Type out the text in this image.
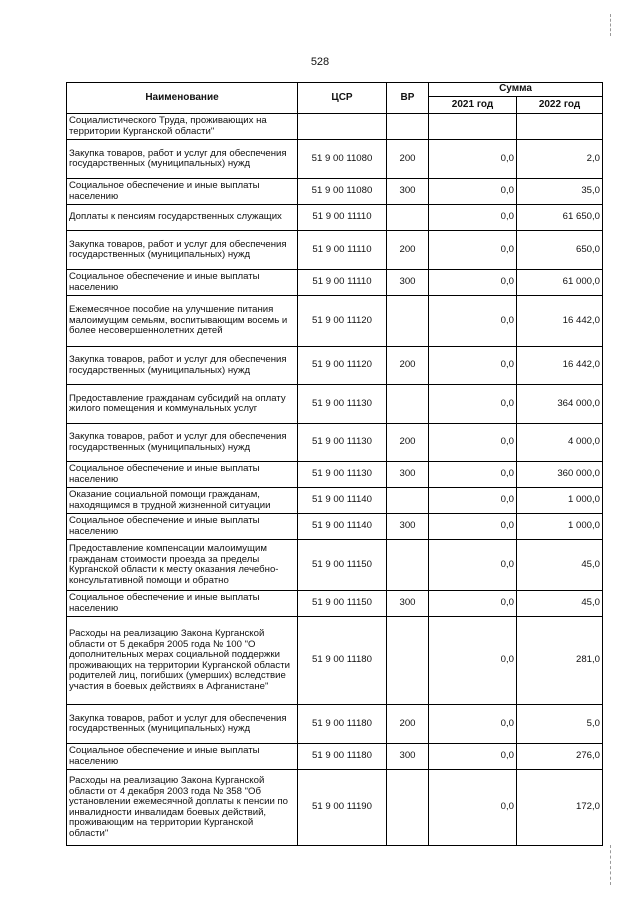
528
Наименование	ЦСР	ВР	Сумма	
			2021 год	2022 год
Социалистического Труда, проживающих на территории Курганской области"				
Закупка товаров, работ и услуг для обеспечения государственных (муниципальных) нужд	51 9 00 11080	200	0,0	2,0
Социальное обеспечение и иные выплаты населению	51 9 00 11080	300	0,0	35,0
Доплаты к пенсиям государственных служащих	51 9 00 11110		0,0	61 650,0
Закупка товаров, работ и услуг для обеспечения государственных (муниципальных) нужд	51 9 00 11110	200	0,0	650,0
Социальное обеспечение и иные выплаты населению	51 9 00 11110	300	0,0	61 000,0
Ежемесячное пособие на улучшение питания малоимущим семьям, воспитывающим восемь и более несовершеннолетних детей	51 9 00 11120		0,0	16 442,0
Закупка товаров, работ и услуг для обеспечения государственных (муниципальных) нужд	51 9 00 11120	200	0,0	16 442,0
Предоставление гражданам субсидий на оплату жилого помещения и коммунальных услуг	51 9 00 11130		0,0	364 000,0
Закупка товаров, работ и услуг для обеспечения государственных (муниципальных) нужд	51 9 00 11130	200	0,0	4 000,0
Социальное обеспечение и иные выплаты населению	51 9 00 11130	300	0,0	360 000,0
Оказание социальной помощи гражданам, находящимся в трудной жизненной ситуации	51 9 00 11140		0,0	1 000,0
Социальное обеспечение и иные выплаты населению	51 9 00 11140	300	0,0	1 000,0
Предоставление компенсации малоимущим гражданам стоимости проезда за пределы Курганской области к месту оказания лечебно-консультативной помощи и обратно	51 9 00 11150		0,0	45,0
Социальное обеспечение и иные выплаты населению	51 9 00 11150	300	0,0	45,0
Расходы на реализацию Закона Курганской области от 5 декабря 2005 года № 100 "О дополнительных мерах социальной поддержки проживающих на территории Курганской области родителей лиц, погибших (умерших) вследствие участия в боевых действиях в Афганистане"	51 9 00 11180		0,0	281,0
Закупка товаров, работ и услуг для обеспечения государственных (муниципальных) нужд	51 9 00 11180	200	0,0	5,0
Социальное обеспечение и иные выплаты населению	51 9 00 11180	300	0,0	276,0
Расходы на реализацию Закона Курганской области от 4 декабря 2003 года № 358 "Об установлении ежемесячной доплаты к пенсии по инвалидности инвалидам боевых действий, проживающим на территории Курганской области"	51 9 00 11190		0,0	172,0
